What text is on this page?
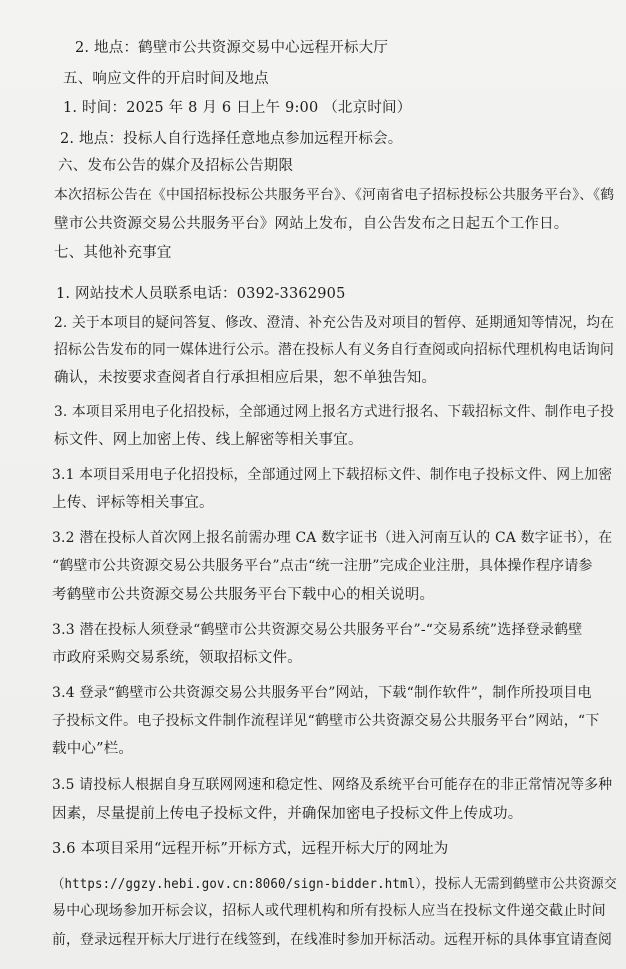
2. 地点：鹤壁市公共资源交易中心远程开标大厅
五、响应文件的开启时间及地点
1. 时间：2025 年 8 月 6 日上午 9:00 （北京时间）
2. 地点：投标人自行选择任意地点参加远程开标会。
六、发布公告的媒介及招标公告期限
本次招标公告在《中国招标投标公共服务平台》、《河南省电子招标投标公共服务平台》、《鹤
壁市公共资源交易公共服务平台》网站上发布，自公告发布之日起五个工作日。
七、其他补充事宜
1. 网站技术人员联系电话：0392-3362905
2. 关于本项目的疑问答复、修改、澄清、补充公告及对项目的暂停、延期通知等情况，均在
招标公告发布的同一媒体进行公示。潜在投标人有义务自行查阅或向招标代理机构电话询问
确认，未按要求查阅者自行承担相应后果，恕不单独告知。
3. 本项目采用电子化招投标，全部通过网上报名方式进行报名、下载招标文件、制作电子投
标文件、网上加密上传、线上解密等相关事宜。
3.1 本项目采用电子化招投标，全部通过网上下载招标文件、制作电子投标文件、网上加密
上传、评标等相关事宜。
3.2 潜在投标人首次网上报名前需办理 CA 数字证书（进入河南互认的 CA 数字证书），在
“鹤壁市公共资源交易公共服务平台”点击“统一注册”完成企业注册，具体操作程序请参
考鹤壁市公共资源交易公共服务平台下载中心的相关说明。
3.3 潜在投标人须登录“鹤壁市公共资源交易公共服务平台”-“交易系统”选择登录鹤壁
市政府采购交易系统，领取招标文件。
3.4 登录“鹤壁市公共资源交易公共服务平台”网站，下载“制作软件”，制作所投项目电
子投标文件。电子投标文件制作流程详见“鹤壁市公共资源交易公共服务平台”网站，“下
载中心”栏。
3.5 请投标人根据自身互联网网速和稳定性、网络及系统平台可能存在的非正常情况等多种
因素，尽量提前上传电子投标文件，并确保加密电子投标文件上传成功。
3.6 本项目采用“远程开标”开标方式，远程开标大厅的网址为
（https://ggzy.hebi.gov.cn:8060/sign-bidder.html），投标人无需到鹤壁市公共资源交
易中心现场参加开标会议，招标人或代理机构和所有投标人应当在投标文件递交截止时间
前，登录远程开标大厅进行在线签到，在线准时参加开标活动。远程开标的具体事宜请查阅
